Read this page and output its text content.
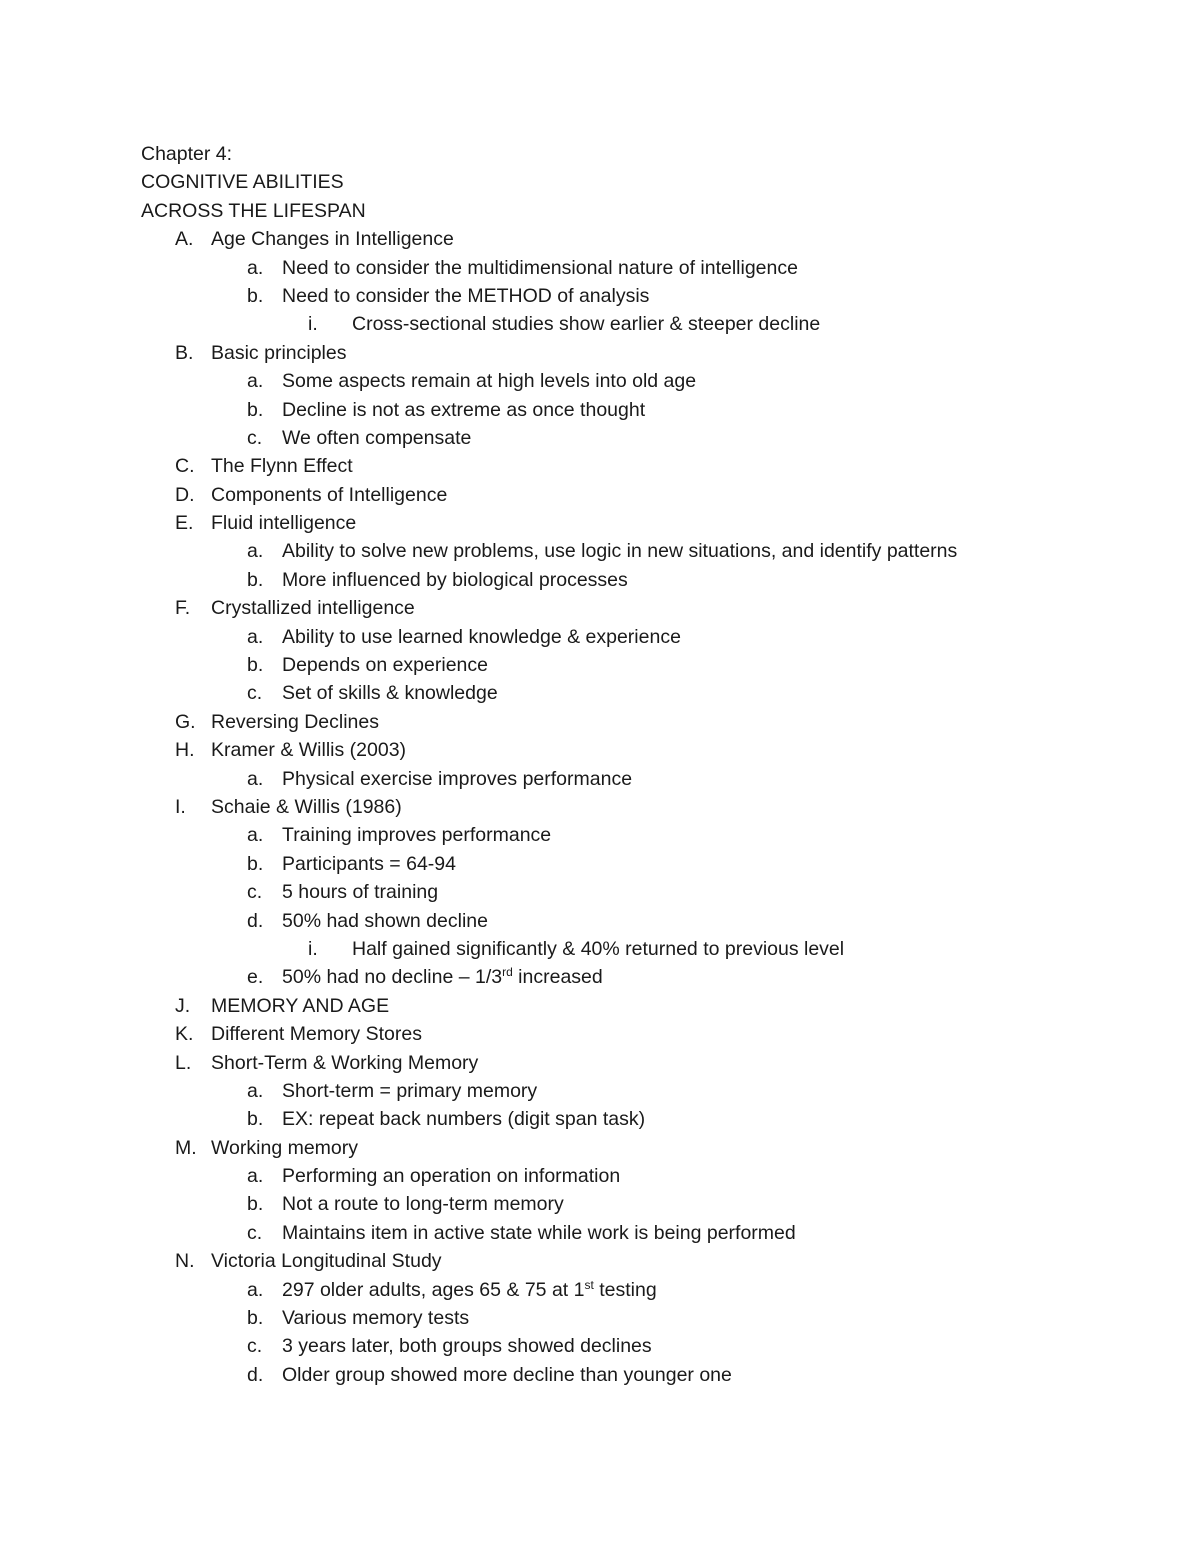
Chapter 4:
COGNITIVE ABILITIES
ACROSS THE LIFESPAN
A. Age Changes in Intelligence
a. Need to consider the multidimensional nature of intelligence
b. Need to consider the METHOD of analysis
i. Cross-sectional studies show earlier & steeper decline
B. Basic principles
a. Some aspects remain at high levels into old age
b. Decline is not as extreme as once thought
c. We often compensate
C. The Flynn Effect
D. Components of Intelligence
E. Fluid intelligence
a. Ability to solve new problems, use logic in new situations, and identify patterns
b. More influenced by biological processes
F. Crystallized intelligence
a. Ability to use learned knowledge & experience
b. Depends on experience
c. Set of skills & knowledge
G. Reversing Declines
H. Kramer & Willis (2003)
a. Physical exercise improves performance
I. Schaie & Willis (1986)
a. Training improves performance
b. Participants = 64-94
c. 5 hours of training
d. 50% had shown decline
i. Half gained significantly & 40% returned to previous level
e. 50% had no decline – 1/3rd increased
J. MEMORY AND AGE
K. Different Memory Stores
L. Short-Term & Working Memory
a. Short-term = primary memory
b. EX: repeat back numbers (digit span task)
M. Working memory
a. Performing an operation on information
b. Not a route to long-term memory
c. Maintains item in active state while work is being performed
N. Victoria Longitudinal Study
a. 297 older adults, ages 65 & 75 at 1st testing
b. Various memory tests
c. 3 years later, both groups showed declines
d. Older group showed more decline than younger one
